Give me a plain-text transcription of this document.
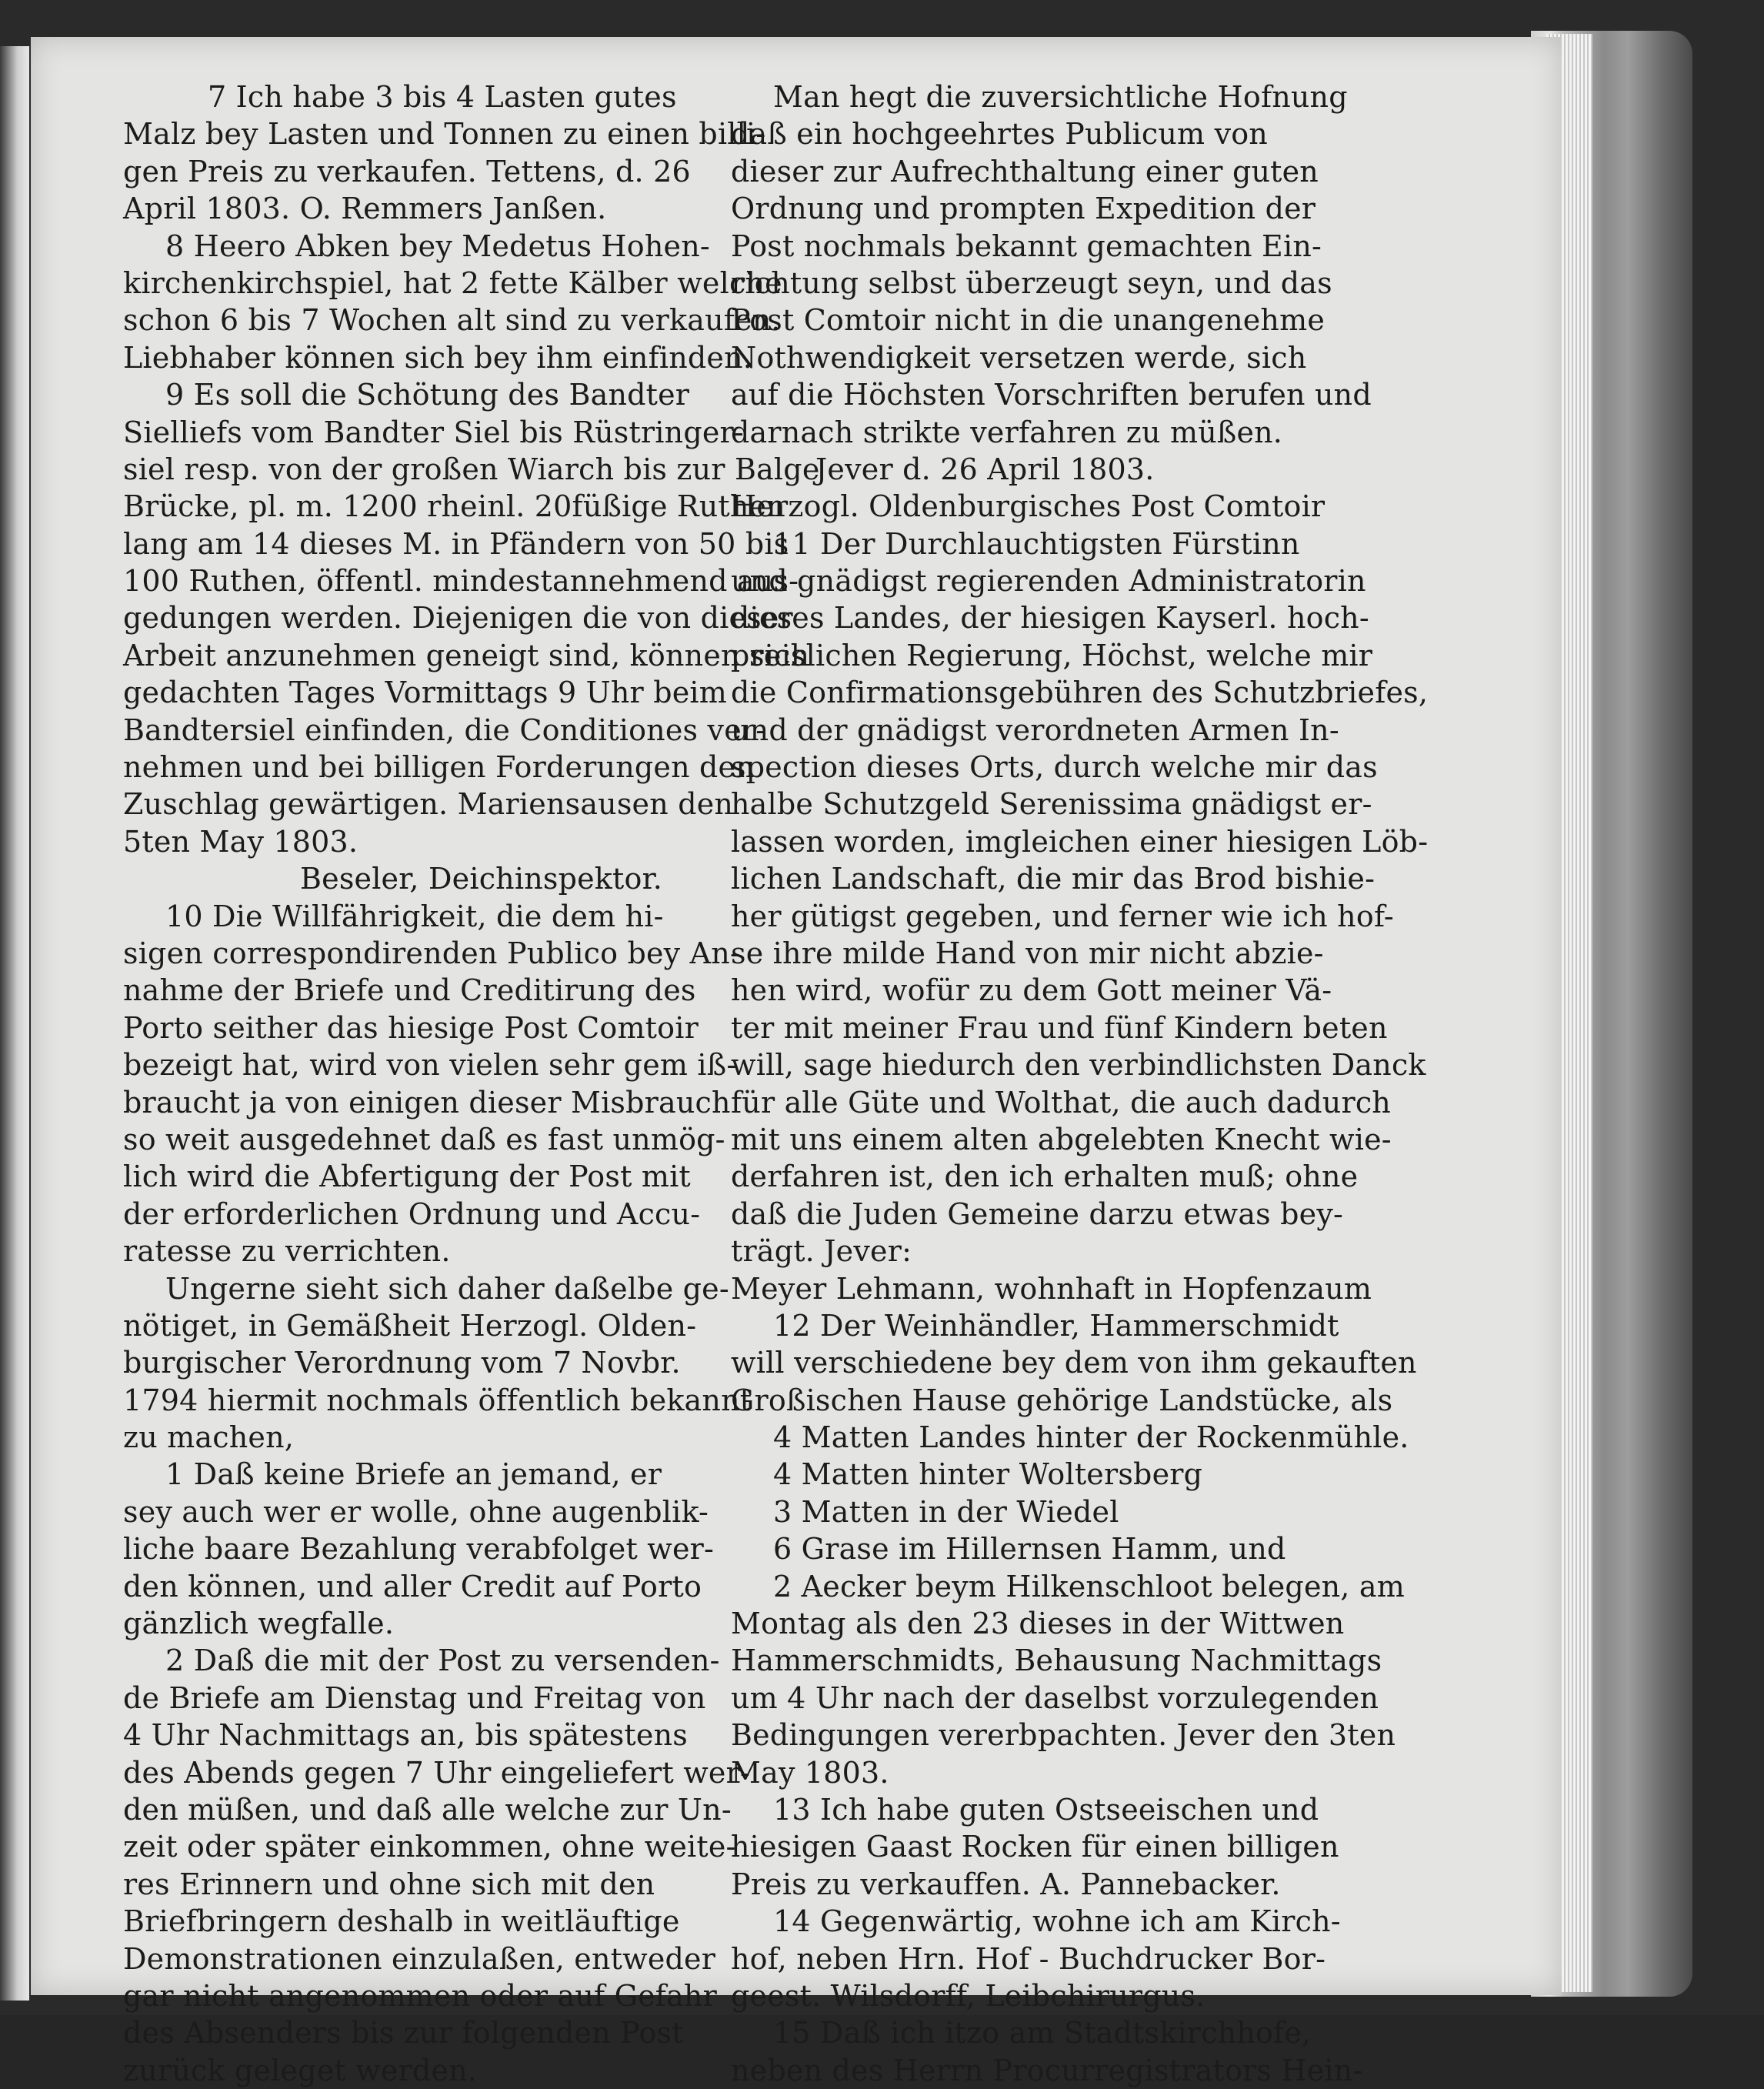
7 Ich habe 3 bis 4 Lasten gutes
Malz bey Lasten und Tonnen zu einen billi-
gen Preis zu verkaufen. Tettens, d. 26
April 1803. O. Remmers Janßen.
8 Heero Abken bey Medetus Hohen-
kirchenkirchspiel, hat 2 fette Kälber welche
schon 6 bis 7 Wochen alt sind zu verkaufen.
Liebhaber können sich bey ihm einfinden.
9 Es soll die Schötung des Bandter
Sielliefs vom Bandter Siel bis Rüstringer-
siel resp. von der großen Wiarch bis zur Balge
Brücke, pl. m. 1200 rheinl. 20füßige Ruthen
lang am 14 dieses M. in Pfändern von 50 bis
100 Ruthen, öffentl. mindestannehmend aus-
gedungen werden. Diejenigen die von dieser
Arbeit anzunehmen geneigt sind, können sich
gedachten Tages Vormittags 9 Uhr beim
Bandtersiel einfinden, die Conditiones ver-
nehmen und bei billigen Forderungen den
Zuschlag gewärtigen. Mariensausen den
5ten May 1803.
Beseler, Deichinspektor.
10 Die Willfährigkeit, die dem hi-
sigen correspondirenden Publico bey An-
nahme der Briefe und Creditirung des
Porto seither das hiesige Post Comtoir
bezeigt hat, wird von vielen sehr gem iß-
braucht ja von einigen dieser Misbrauch
so weit ausgedehnet daß es fast unmög-
lich wird die Abfertigung der Post mit
der erforderlichen Ordnung und Accu-
ratesse zu verrichten.
Ungerne sieht sich daher daßelbe ge-
nötiget, in Gemäßheit Herzogl. Olden-
burgischer Verordnung vom 7 Novbr.
1794 hiermit nochmals öffentlich bekannt
zu machen,
1 Daß keine Briefe an jemand, er
sey auch wer er wolle, ohne augenblik-
liche baare Bezahlung verabfolget wer-
den können, und aller Credit auf Porto
gänzlich wegfalle.
2 Daß die mit der Post zu versenden-
de Briefe am Dienstag und Freitag von
4 Uhr Nachmittags an, bis spätestens
des Abends gegen 7 Uhr eingeliefert wer-
den müßen, und daß alle welche zur Un-
zeit oder später einkommen, ohne weite-
res Erinnern und ohne sich mit den
Briefbringern deshalb in weitläuftige
Demonstrationen einzulaßen, entweder
gar nicht angenommen oder auf Gefahr
des Absenders bis zur folgenden Post
zurück geleget werden.
Man hegt die zuversichtliche Hofnung
daß ein hochgeehrtes Publicum von
dieser zur Aufrechthaltung einer guten
Ordnung und prompten Expedition der
Post nochmals bekannt gemachten Ein-
richtung selbst überzeugt seyn, und das
Post Comtoir nicht in die unangenehme
Nothwendigkeit versetzen werde, sich
auf die Höchsten Vorschriften berufen und
darnach strikte verfahren zu müßen.
Jever d. 26 April 1803.
Herzogl. Oldenburgisches Post Comtoir
11 Der Durchlauchtigsten Fürstinn
und gnädigst regierenden Administratorin
dieses Landes, der hiesigen Kayserl. hoch-
preislichen Regierung, Höchst, welche mir
die Confirmationsgebühren des Schutzbriefes,
und der gnädigst verordneten Armen In-
spection dieses Orts, durch welche mir das
halbe Schutzgeld Serenissima gnädigst er-
lassen worden, imgleichen einer hiesigen Löb-
lichen Landschaft, die mir das Brod bishie-
her gütigst gegeben, und ferner wie ich hof-
se ihre milde Hand von mir nicht abzie-
hen wird, wofür zu dem Gott meiner Vä-
ter mit meiner Frau und fünf Kindern beten
will, sage hiedurch den verbindlichsten Danck
für alle Güte und Wolthat, die auch dadurch
mit uns einem alten abgelebten Knecht wie-
derfahren ist, den ich erhalten muß; ohne
daß die Juden Gemeine darzu etwas bey-
trägt. Jever:
Meyer Lehmann, wohnhaft in Hopfenzaum
12 Der Weinhändler, Hammerschmidt
will verschiedene bey dem von ihm gekauften
Großischen Hause gehörige Landstücke, als
4 Matten Landes hinter der Rockenmühle.
4 Matten hinter Woltersberg
3 Matten in der Wiedel
6 Grase im Hillernsen Hamm, und
2 Aecker beym Hilkenschloot belegen, am
Montag als den 23 dieses in der Wittwen
Hammerschmidts, Behausung Nachmittags
um 4 Uhr nach der daselbst vorzulegenden
Bedingungen vererbpachten. Jever den 3ten
May 1803.
13 Ich habe guten Ostseeischen und
hiesigen Gaast Rocken für einen billigen
Preis zu verkauffen. A. Pannebacker.
14 Gegenwärtig, wohne ich am Kirch-
hof, neben Hrn. Hof - Buchdrucker Bor-
geest. Wilsdorff, Leibchirurgus.
15 Daß ich itzo am Stadtskirchhofe,
neben des Herrn Procurregistrators Hein-
